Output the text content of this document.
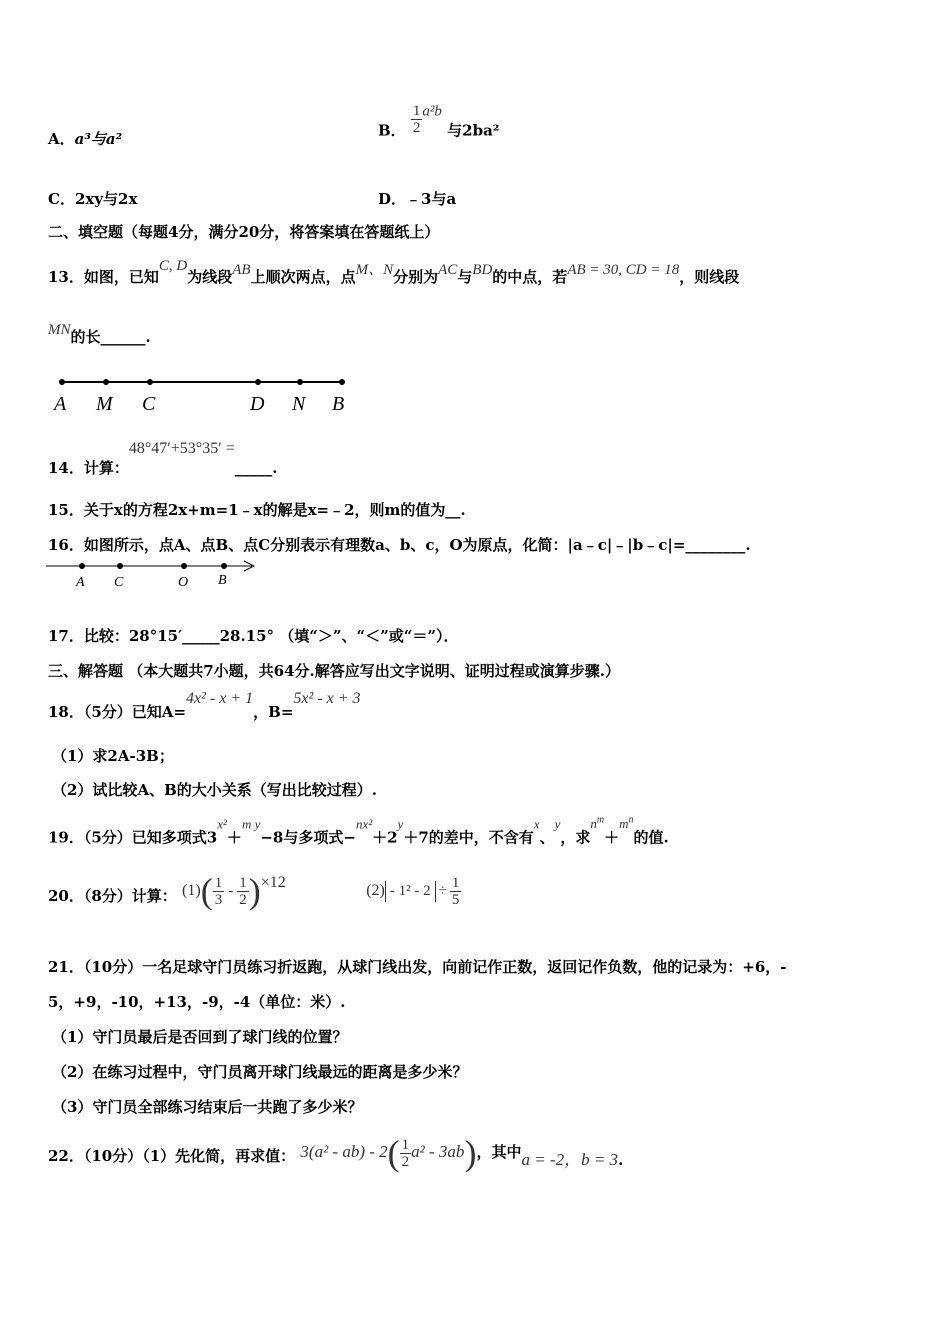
A．a³与a²	B． $\frac{1}{2} a^2b$ 与2ba²
C．2xy与2x	D．﹣3与a
二、填空题（每题4分，满分20分，将答案填在答题纸上）
13．如图，已知C, D为线段AB上顺次两点，点M、N分别为AC与BD的中点，若AB = 30, CD = 18，则线段
MN的长______.
A M C	D N B
14．计算：48°47′+53°35′ =_____.
15．关于x的方程2x+m=1﹣x的解是x=﹣2，则m的值为__.
16．如图所示，点A、点B、点C分别表示有理数a、b、c，O为原点，化简：|a﹣c|﹣|b﹣c|=________.
A C	O B
17．比较：28°15′_____28.15° （填“＞”、“＜”或“＝”）．
三、解答题 （本大题共7小题，共64分.解答应写出文字说明、证明过程或演算步骤.）
18．（5分）已知A=4x² - x + 1，B=5x² - x + 3
（1）求2A-3B；
（2）试比较A、B的大小关系（写出比较过程）.
19．（5分）已知多项式3x²＋m y−8与多项式−nx²＋2y＋7的差中，不含有x、y，求$n^m+m^n$的值.
20．（8分）计算： $(1)( \frac{1}{3} - \frac{1}{2} )\times 12$	$(2) - 1^2 - 2 \div \frac{1}{5}$
21．（10分）一名足球守门员练习折返跑，从球门线出发，向前记作正数，返回记作负数，他的记录为：+6，-
5，+9，-10，+13，-9，-4（单位：米）.
（1）守门员最后是否回到了球门线的位置？
（2）在练习过程中，守门员离开球门线最远的距离是多少米？
（3）守门员全部练习结束后一共跑了多少米？
22．（10分）（1）先化简，再求值： $3(a^2 - ab) - 2( \frac{1}{2} a^2 - 3ab)$，其中a = -2，b = 3.
